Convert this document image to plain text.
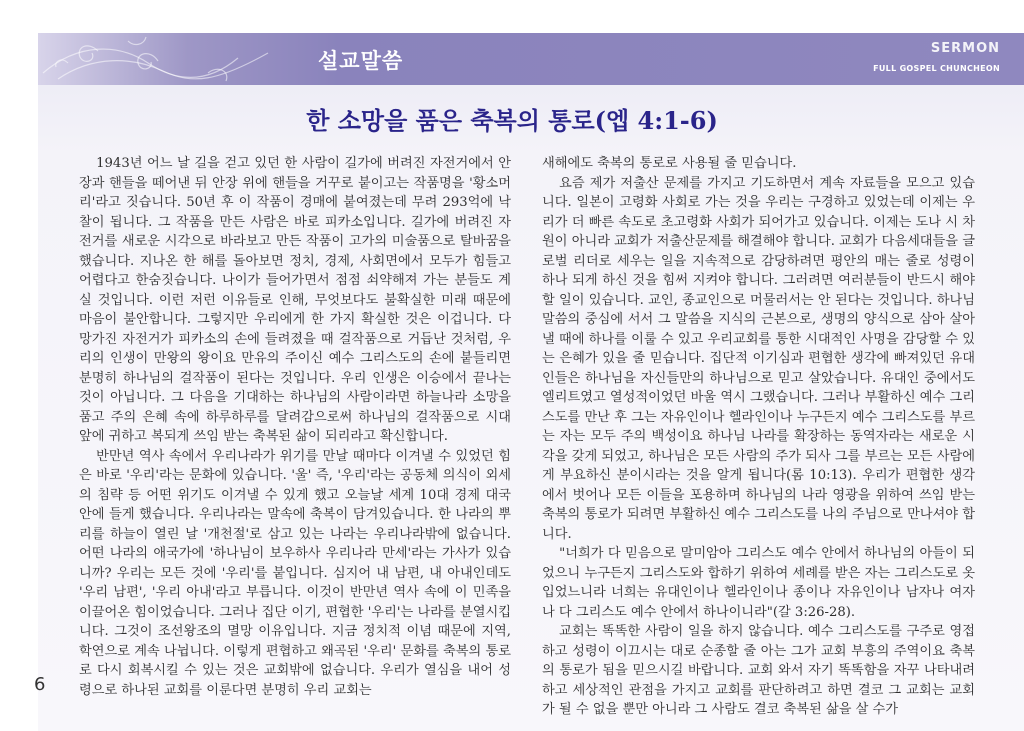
설교말씀
SERMON
FULL GOSPEL CHUNCHEON
한 소망을 품은 축복의 통로(엡 4:1-6)

1943년 어느 날 길을 걷고 있던 한 사람이 길가에 버려진 자전거에서 안장과 핸들을 떼어낸 뒤 안장 위에 핸들을 거꾸로 붙이고는 작품명을 '황소머리'라고 짓습니다. 50년 후 이 작품이 경매에 붙여졌는데 무려 293억에 낙찰이 됩니다. 그 작품을 만든 사람은 바로 피카소입니다. 길가에 버려진 자전거를 새로운 시각으로 바라보고 만든 작품이 고가의 미술품으로 탈바꿈을 했습니다. 지나온 한 해를 돌아보면 정치, 경제, 사회면에서 모두가 힘들고 어렵다고 한숨짓습니다. 나이가 들어가면서 점점 쇠약해져 가는 분들도 계실 것입니다. 이런 저런 이유들로 인해, 무엇보다도 불확실한 미래 때문에 마음이 불안합니다. 그렇지만 우리에게 한 가지 확실한 것은 이겁니다. 다 망가진 자전거가 피카소의 손에 들려졌을 때 걸작품으로 거듭난 것처럼, 우리의 인생이 만왕의 왕이요 만유의 주이신 예수 그리스도의 손에 붙들리면 분명히 하나님의 걸작품이 된다는 것입니다. 우리 인생은 이승에서 끝나는 것이 아닙니다. 그 다음을 기대하는 하나님의 사람이라면 하늘나라 소망을 품고 주의 은혜 속에 하루하루를 달려감으로써 하나님의 걸작품으로 시대 앞에 귀하고 복되게 쓰임 받는 축복된 삶이 되리라고 확신합니다.

반만년 역사 속에서 우리나라가 위기를 만날 때마다 이겨낼 수 있었던 힘은 바로 '우리'라는 문화에 있습니다. '울' 즉, '우리'라는 공동체 의식이 외세의 침략 등 어떤 위기도 이겨낼 수 있게 했고 오늘날 세계 10대 경제 대국 안에 들게 했습니다. 우리나라는 말속에 축복이 담겨있습니다. 한 나라의 뿌리를 하늘이 열린 날 '개천절'로 삼고 있는 나라는 우리나라밖에 없습니다. 어떤 나라의 애국가에 '하나님이 보우하사 우리나라 만세'라는 가사가 있습니까? 우리는 모든 것에 '우리'를 붙입니다. 심지어 내 남편, 내 아내인데도 '우리 남편', '우리 아내'라고 부릅니다. 이것이 반만년 역사 속에 이 민족을 이끌어온 힘이었습니다. 그러나 집단 이기, 편협한 '우리'는 나라를 분열시킵니다. 그것이 조선왕조의 멸망 이유입니다. 지금 정치적 이념 때문에 지역, 학연으로 계속 나뉩니다. 이렇게 편협하고 왜곡된 '우리' 문화를 축복의 통로로 다시 회복시킬 수 있는 것은 교회밖에 없습니다. 우리가 열심을 내어 성령으로 하나된 교회를 이룬다면 분명히 우리 교회는

새해에도 축복의 통로로 사용될 줄 믿습니다.

요즘 제가 저출산 문제를 가지고 기도하면서 계속 자료들을 모으고 있습니다. 일본이 고령화 사회로 가는 것을 우리는 구경하고 있었는데 이제는 우리가 더 빠른 속도로 초고령화 사회가 되어가고 있습니다. 이제는 도나 시 차원이 아니라 교회가 저출산문제를 해결해야 합니다. 교회가 다음세대들을 글로벌 리더로 세우는 일을 지속적으로 감당하려면 평안의 매는 줄로 성령이 하나 되게 하신 것을 힘써 지켜야 합니다. 그러려면 여러분들이 반드시 해야 할 일이 있습니다. 교인, 종교인으로 머물러서는 안 된다는 것입니다. 하나님 말씀의 중심에 서서 그 말씀을 지식의 근본으로, 생명의 양식으로 삼아 살아낼 때에 하나를 이룰 수 있고 우리교회를 통한 시대적인 사명을 감당할 수 있는 은혜가 있을 줄 믿습니다. 집단적 이기심과 편협한 생각에 빠져있던 유대인들은 하나님을 자신들만의 하나님으로 믿고 살았습니다. 유대인 중에서도 엘리트였고 열성적이었던 바울 역시 그랬습니다. 그러나 부활하신 예수 그리스도를 만난 후 그는 자유인이나 헬라인이나 누구든지 예수 그리스도를 부르는 자는 모두 주의 백성이요 하나님 나라를 확장하는 동역자라는 새로운 시각을 갖게 되었고, 하나님은 모든 사람의 주가 되사 그를 부르는 모든 사람에게 부요하신 분이시라는 것을 알게 됩니다(롬 10:13). 우리가 편협한 생각에서 벗어나 모든 이들을 포용하며 하나님의 나라 영광을 위하여 쓰임 받는 축복의 통로가 되려면 부활하신 예수 그리스도를 나의 주님으로 만나셔야 합니다.

"너희가 다 믿음으로 말미암아 그리스도 예수 안에서 하나님의 아들이 되었으니 누구든지 그리스도와 합하기 위하여 세례를 받은 자는 그리스도로 옷 입었느니라 너희는 유대인이나 헬라인이나 종이나 자유인이나 남자나 여자나 다 그리스도 예수 안에서 하나이니라"(갈 3:26-28).

교회는 똑똑한 사람이 일을 하지 않습니다. 예수 그리스도를 구주로 영접하고 성령이 이끄시는 대로 순종할 줄 아는 그가 교회 부흥의 주역이요 축복의 통로가 됨을 믿으시길 바랍니다. 교회 와서 자기 똑똑함을 자꾸 나타내려 하고 세상적인 관점을 가지고 교회를 판단하려고 하면 결코 그 교회는 교회가 될 수 없을 뿐만 아니라 그 사람도 결코 축복된 삶을 살 수가

6
